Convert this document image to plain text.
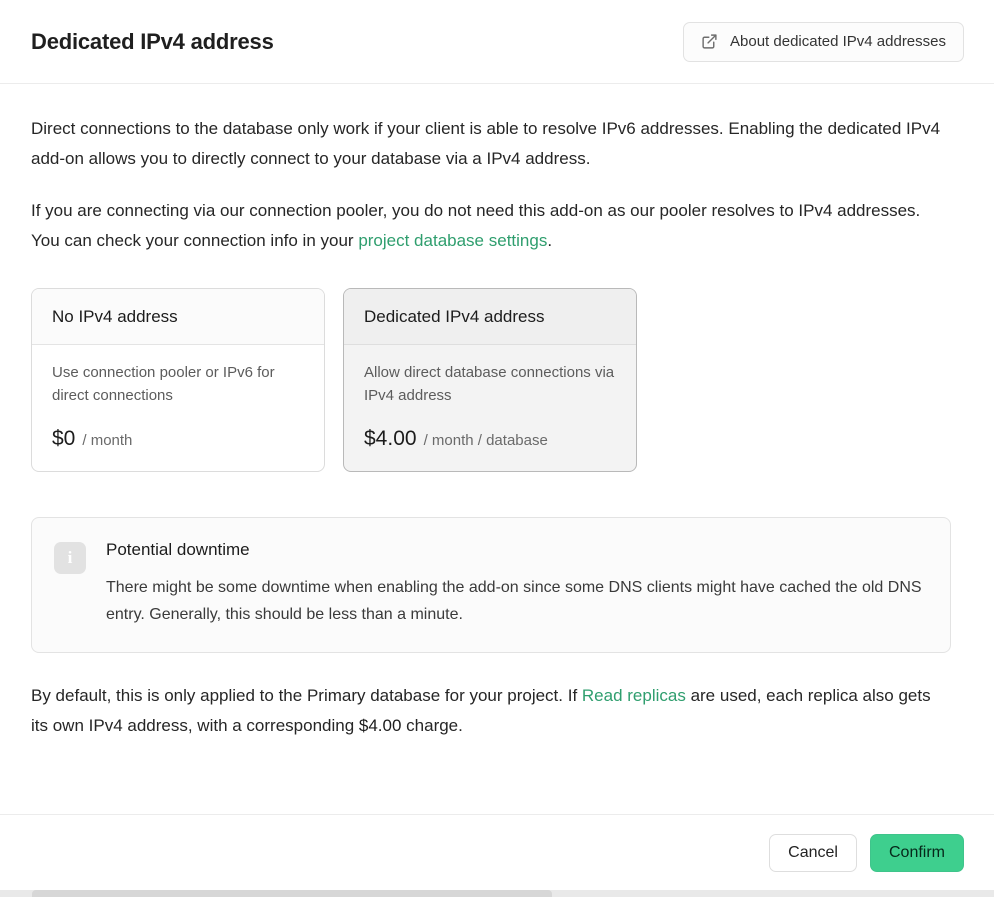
Dedicated IPv4 address	About dedicated IPv4 addresses

Direct connections to the database only work if your client is able to resolve IPv6 addresses. Enabling the dedicated IPv4 add-on allows you to directly connect to your database via a IPv4 address.

If you are connecting via our connection pooler, you do not need this add-on as our pooler resolves to IPv4 addresses. You can check your connection info in your project database settings.

No IPv4 address
Use connection pooler or IPv6 for direct connections
$0 / month
Dedicated IPv4 address
Allow direct database connections via IPv4 address
$4.00 / month / database
i	Potential downtime
There might be some downtime when enabling the add-on since some DNS clients might have cached the old DNS entry. Generally, this should be less than a minute.

By default, this is only applied to the Primary database for your project. If Read replicas are used, each replica also gets its own IPv4 address, with a corresponding $4.00 charge.

Cancel	Confirm
